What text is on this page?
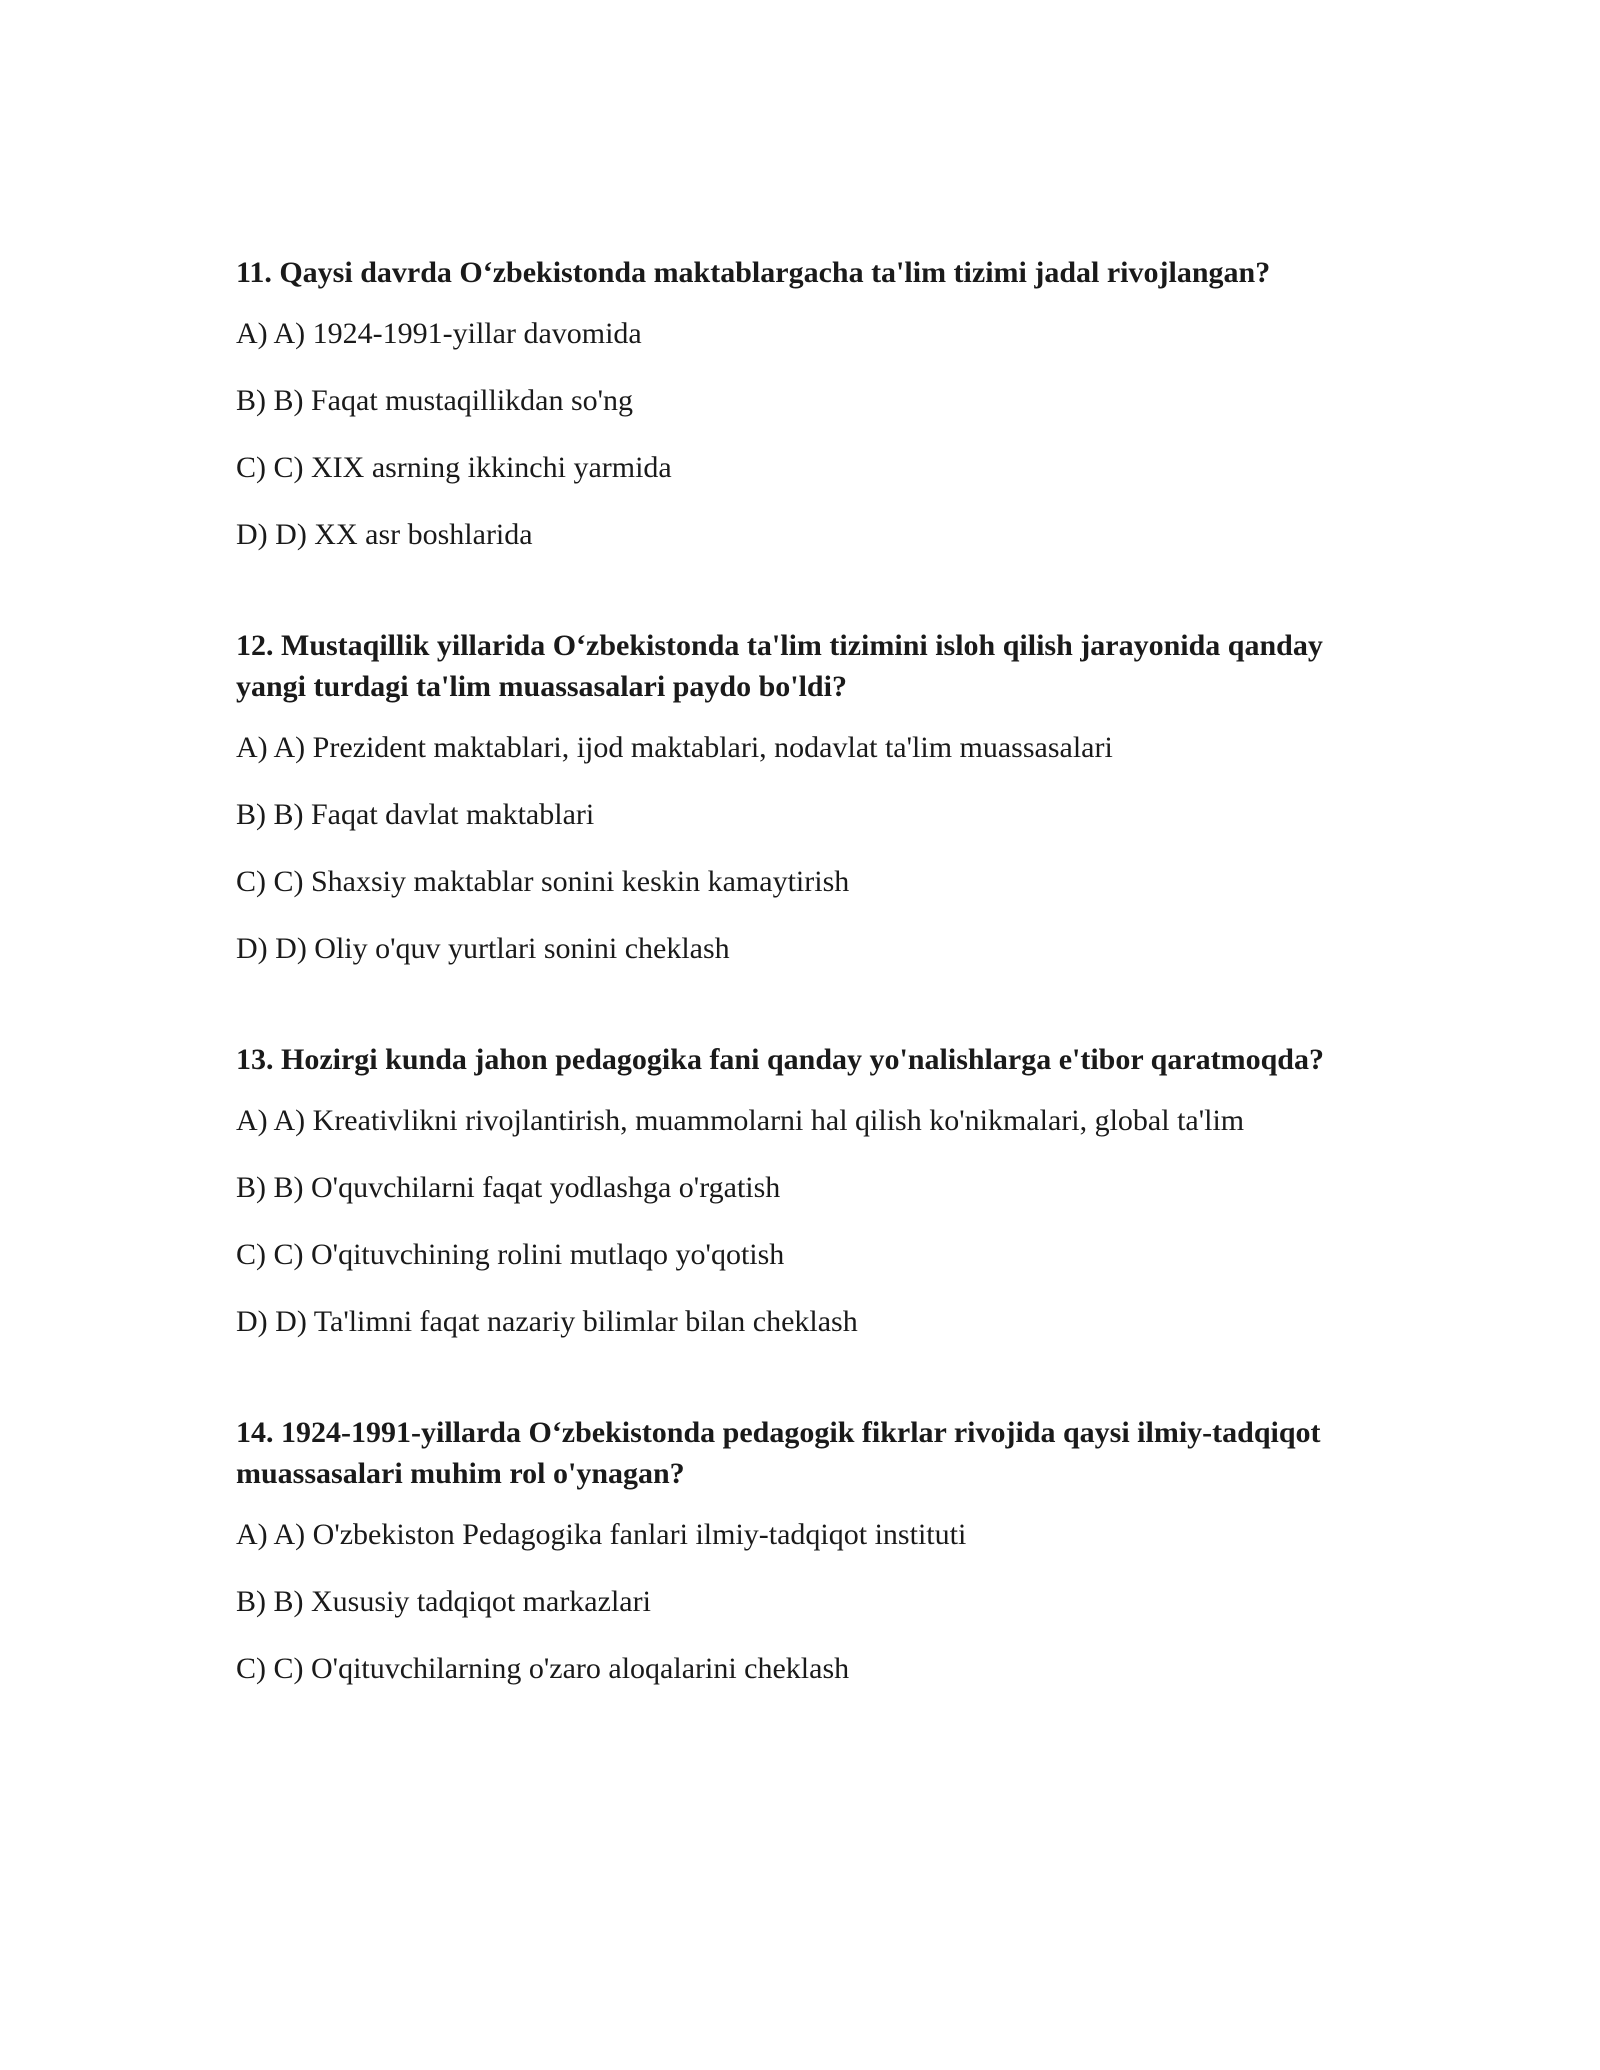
11. Qaysi davrda O‘zbekistonda maktablargacha ta'lim tizimi jadal rivojlangan?

A) A) 1924-1991-yillar davomida

B) B) Faqat mustaqillikdan so'ng

C) C) XIX asrning ikkinchi yarmida

D) D) XX asr boshlarida

12. Mustaqillik yillarida O‘zbekistonda ta'lim tizimini isloh qilish jarayonida qanday yangi turdagi ta'lim muassasalari paydo bo'ldi?

A) A) Prezident maktablari, ijod maktablari, nodavlat ta'lim muassasalari

B) B) Faqat davlat maktablari

C) C) Shaxsiy maktablar sonini keskin kamaytirish

D) D) Oliy o'quv yurtlari sonini cheklash

13. Hozirgi kunda jahon pedagogika fani qanday yo'nalishlarga e'tibor qaratmoqda?

A) A) Kreativlikni rivojlantirish, muammolarni hal qilish ko'nikmalari, global ta'lim

B) B) O'quvchilarni faqat yodlashga o'rgatish

C) C) O'qituvchining rolini mutlaqo yo'qotish

D) D) Ta'limni faqat nazariy bilimlar bilan cheklash

14. 1924-1991-yillarda O‘zbekistonda pedagogik fikrlar rivojida qaysi ilmiy-tadqiqot muassasalari muhim rol o'ynagan?

A) A) O'zbekiston Pedagogika fanlari ilmiy-tadqiqot instituti

B) B) Xususiy tadqiqot markazlari

C) C) O'qituvchilarning o'zaro aloqalarini cheklash
